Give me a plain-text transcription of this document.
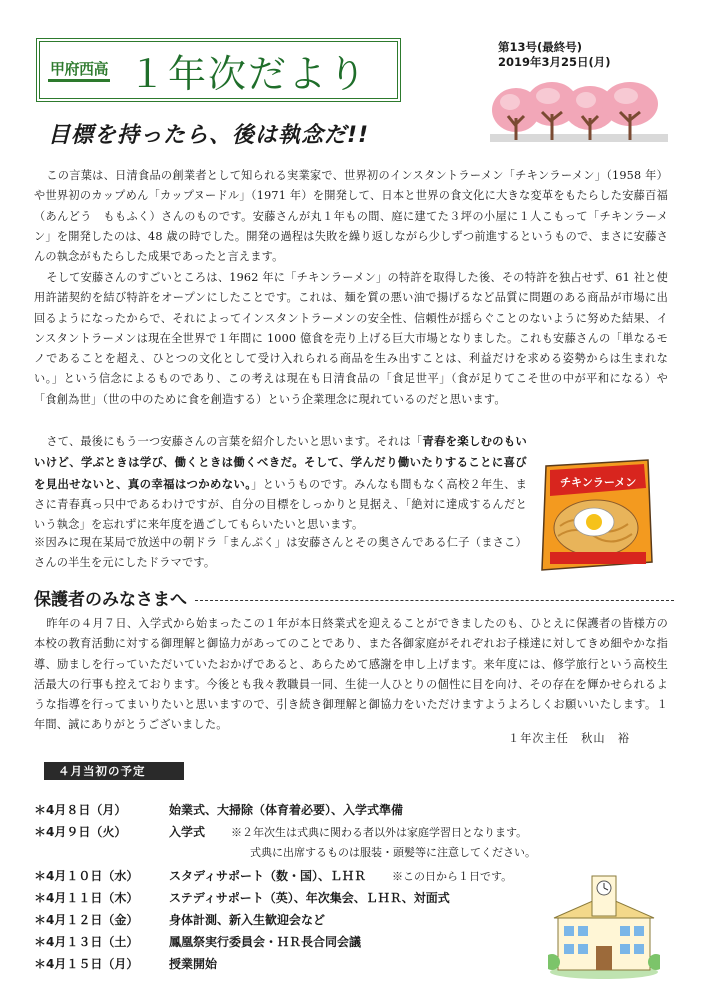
甲府西高 １年次だより
第13号(最終号)
2019年3月25日(月)
目標を持ったら、後は執念だ!!
この言葉は、日清食品の創業者として知られる実業家で、世界初のインスタントラーメン「チキンラーメン」（1958 年）や世界初のカップめん「カップヌードル」（1971 年）を開発して、日本と世界の食文化に大きな変革をもたらした安藤百福（あんどう　ももふく）さんのものです。安藤さんが丸１年もの間、庭に建てた３坪の小屋に１人こもって「チキンラーメン」を開発したのは、48 歳の時でした。開発の過程は失敗を繰り返しながら少しずつ前進するというもので、まさに安藤さんの執念がもたらした成果であったと言えます。
そして安藤さんのすごいところは、1962 年に「チキンラーメン」の特許を取得した後、その特許を独占せず、61 社と使用許諾契約を結び特許をオープンにしたことです。これは、麺を質の悪い油で揚げるなど品質に問題のある商品が市場に出回るようになったからで、それによってインスタントラーメンの安全性、信頼性が揺らぐことのないように努めた結果、インスタントラーメンは現在全世界で１年間に 1000 億食を売り上げる巨大市場となりました。これも安藤さんの「単なるモノであることを超え、ひとつの文化として受け入れられる商品を生み出すことは、利益だけを求める姿勢からは生まれない。」という信念によるものであり、この考えは現在も日清食品の「食足世平」（食が足りてこそ世の中が平和になる）や「食創為世」（世の中のために食を創造する）という企業理念に現れているのだと思います。
さて、最後にもう一つ安藤さんの言葉を紹介したいと思います。それは「青春を楽しむのもいいけど、学ぶときは学び、働くときは働くべきだ。そして、学んだり働いたりすることに喜びを見出せないと、真の幸福はつかめない。」というものです。みんなも間もなく高校２年生、まさに青春真っ只中であるわけですが、自分の目標をしっかりと見据え、「絶対に達成するんだという執念」を忘れずに来年度を過ごしてもらいたいと思います。
※因みに現在某局で放送中の朝ドラ「まんぷく」は安藤さんとその奥さんである仁子（まさこ）さんの半生を元にしたドラマです。
チキンラーメン
保護者のみなさまへ
昨年の４月７日、入学式から始まったこの１年が本日終業式を迎えることができましたのも、ひとえに保護者の皆様方の本校の教育活動に対する御理解と御協力があってのことであり、また各御家庭がそれぞれお子様達に対してきめ細やかな指導、励ましを行っていただいていたおかげであると、あらためて感謝を申し上げます。来年度には、修学旅行という高校生活最大の行事も控えております。今後とも我々教職員一同、生徒一人ひとりの個性に目を向け、その存在を輝かせられるような指導を行ってまいりたいと思いますので、引き続き御理解と御協力をいただけますようよろしくお願いいたします。１年間、誠にありがとうございました。
１年次主任　秋山　裕
４月当初の予定
＊4月８日（月）	始業式、大掃除（体育着必要）、入学式準備
＊4月９日（火）	入学式 ※２年次生は式典に関わる者以外は家庭学習日となります。
式典に出席するものは服装・頭髪等に注意してください。
＊4月１０日（水）	スタディサポート（数・国）、ＬＨＲ ※この日から１日です。
＊4月１１日（木）	ステディサポート（英）、年次集会、ＬＨＲ、対面式
＊4月１２日（金）	身体計測、新入生歓迎会など
＊4月１３日（土）	鳳凰祭実行委員会・ＨＲ長合同会議
＊4月１５日（月）	授業開始
